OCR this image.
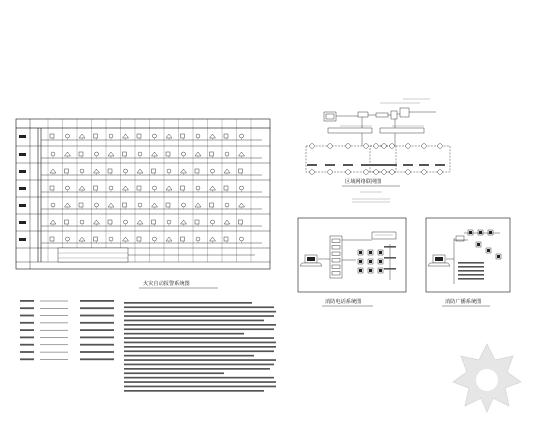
火灾自动报警系统图
区域网络联网图
消防电话系统图	消防广播系统图
